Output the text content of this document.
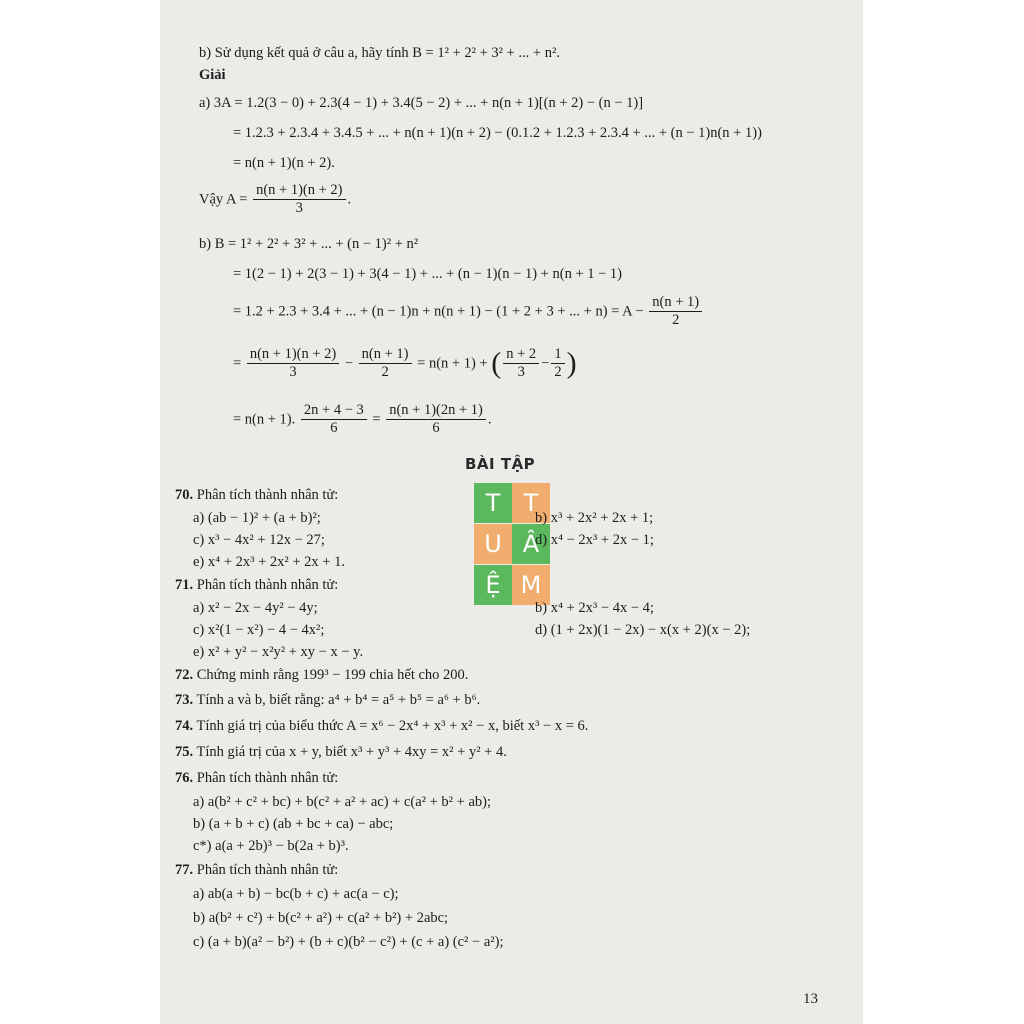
b) Sử dụng kết quả ở câu a, hãy tính B = 1² + 2² + 3² + ... + n².
Giải
a) 3A = 1.2(3 − 0) + 2.3(4 − 1) + 3.4(5 − 2) + ... + n(n + 1)[(n + 2) − (n − 1)]
= 1.2.3 + 2.3.4 + 3.4.5 + ... + n(n + 1)(n + 2) − (0.1.2 + 1.2.3 + 2.3.4 + ... + (n − 1)n(n + 1))
= n(n + 1)(n + 2).
Vậy $A = \frac{n(n + 1)(n + 2)}{3}$ .
b) B = 1² + 2² + 3² + ... + (n − 1)² + n²
= 1(2 − 1) + 2(3 − 1) + 3(4 − 1) + ... + (n − 1)(n − 1) + n(n + 1 − 1)
= 1.2 + 2.3 + 3.4 + ... + (n − 1)n + n(n + 1) − (1 + 2 + 3 + ... + $n) = A - \frac{n(n + 1)}{2}$
= $\frac{n(n + 1)(n + 2)}{3} - \frac{n(n + 1)}{2} = n(n + 1)$ + ( $\frac{n + 2}{3} - \frac{1}{2}$ )
= n(n + 1). $\frac{2n + 4 - 3}{6} = \frac{n(n + 1)(2n + 1)}{6}$ .
BÀI TẬP
T T
U Â
Ệ M
70. Phân tích thành nhân tử:
a) (ab − 1)² + (a + b)²;	b) x³ + 2x² + 2x + 1;
c) x³ − 4x² + 12x − 27;	d) x⁴ − 2x³ + 2x − 1;
e) x⁴ + 2x³ + 2x² + 2x + 1.
71. Phân tích thành nhân tử:
a) x² − 2x − 4y² − 4y;	b) x⁴ + 2x³ − 4x − 4;
c) x²(1 − x²) − 4 − 4x²;	d) (1 + 2x)(1 − 2x) − x(x + 2)(x − 2);
e) x² + y² − x²y² + xy − x − y.
72. Chứng minh rằng 199³ − 199 chia hết cho 200.
73. Tính a và b, biết rằng: a⁴ + b⁴ = a⁵ + b⁵ = a⁶ + b⁶.
74. Tính giá trị của biểu thức A = x⁶ − 2x⁴ + x³ + x² − x, biết x³ − x = 6.
75. Tính giá trị của x + y, biết x³ + y³ + 4xy = x² + y² + 4.
76. Phân tích thành nhân tử:
a) a(b² + c² + bc) + b(c² + a² + ac) + c(a² + b² + ab);
b) (a + b + c) (ab + bc + ca) − abc;
c*) a(a + 2b)³ − b(2a + b)³.
77. Phân tích thành nhân tử:
a) ab(a + b) − bc(b + c) + ac(a − c);
b) a(b² + c²) + b(c² + a²) + c(a² + b²) + 2abc;
c) (a + b)(a² − b²) + (b + c)(b² − c²) + (c + a) (c² − a²);
13
